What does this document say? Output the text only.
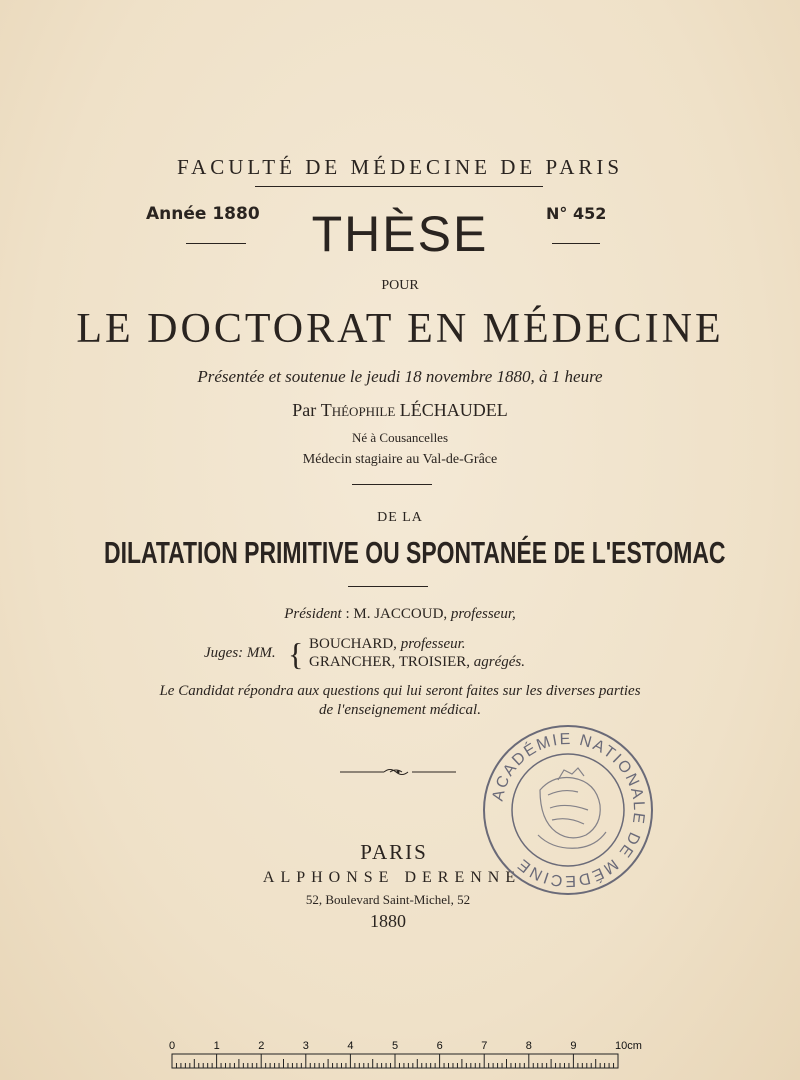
FACULTÉ DE MÉDECINE DE PARIS
Année 1880	THÈSE	N° 452
POUR
LE DOCTORAT EN MÉDECINE
Présentée et soutenue le jeudi 18 novembre 1880, à 1 heure
Par Théophile LÉCHAUDEL
Né à Cousancelles
Médecin stagiaire au Val-de-Grâce
DE LA
DILATATION PRIMITIVE OU SPONTANÉE DE L'ESTOMAC
Président : M. JACCOUD, professeur,
Juges: MM. { BOUCHARD, professeur.
GRANCHER, TROISIER, agrégés.
Le Candidat répondra aux questions qui lui seront faites sur les diverses parties
de l'enseignement médical.
PARIS
ALPHONSE DERENNE
52, Boulevard Saint-Michel, 52
1880
ACADÉMIE NATIONALE DE MÉDECINE
0	1	2	3	4	5	6	7	8	9	10cm
